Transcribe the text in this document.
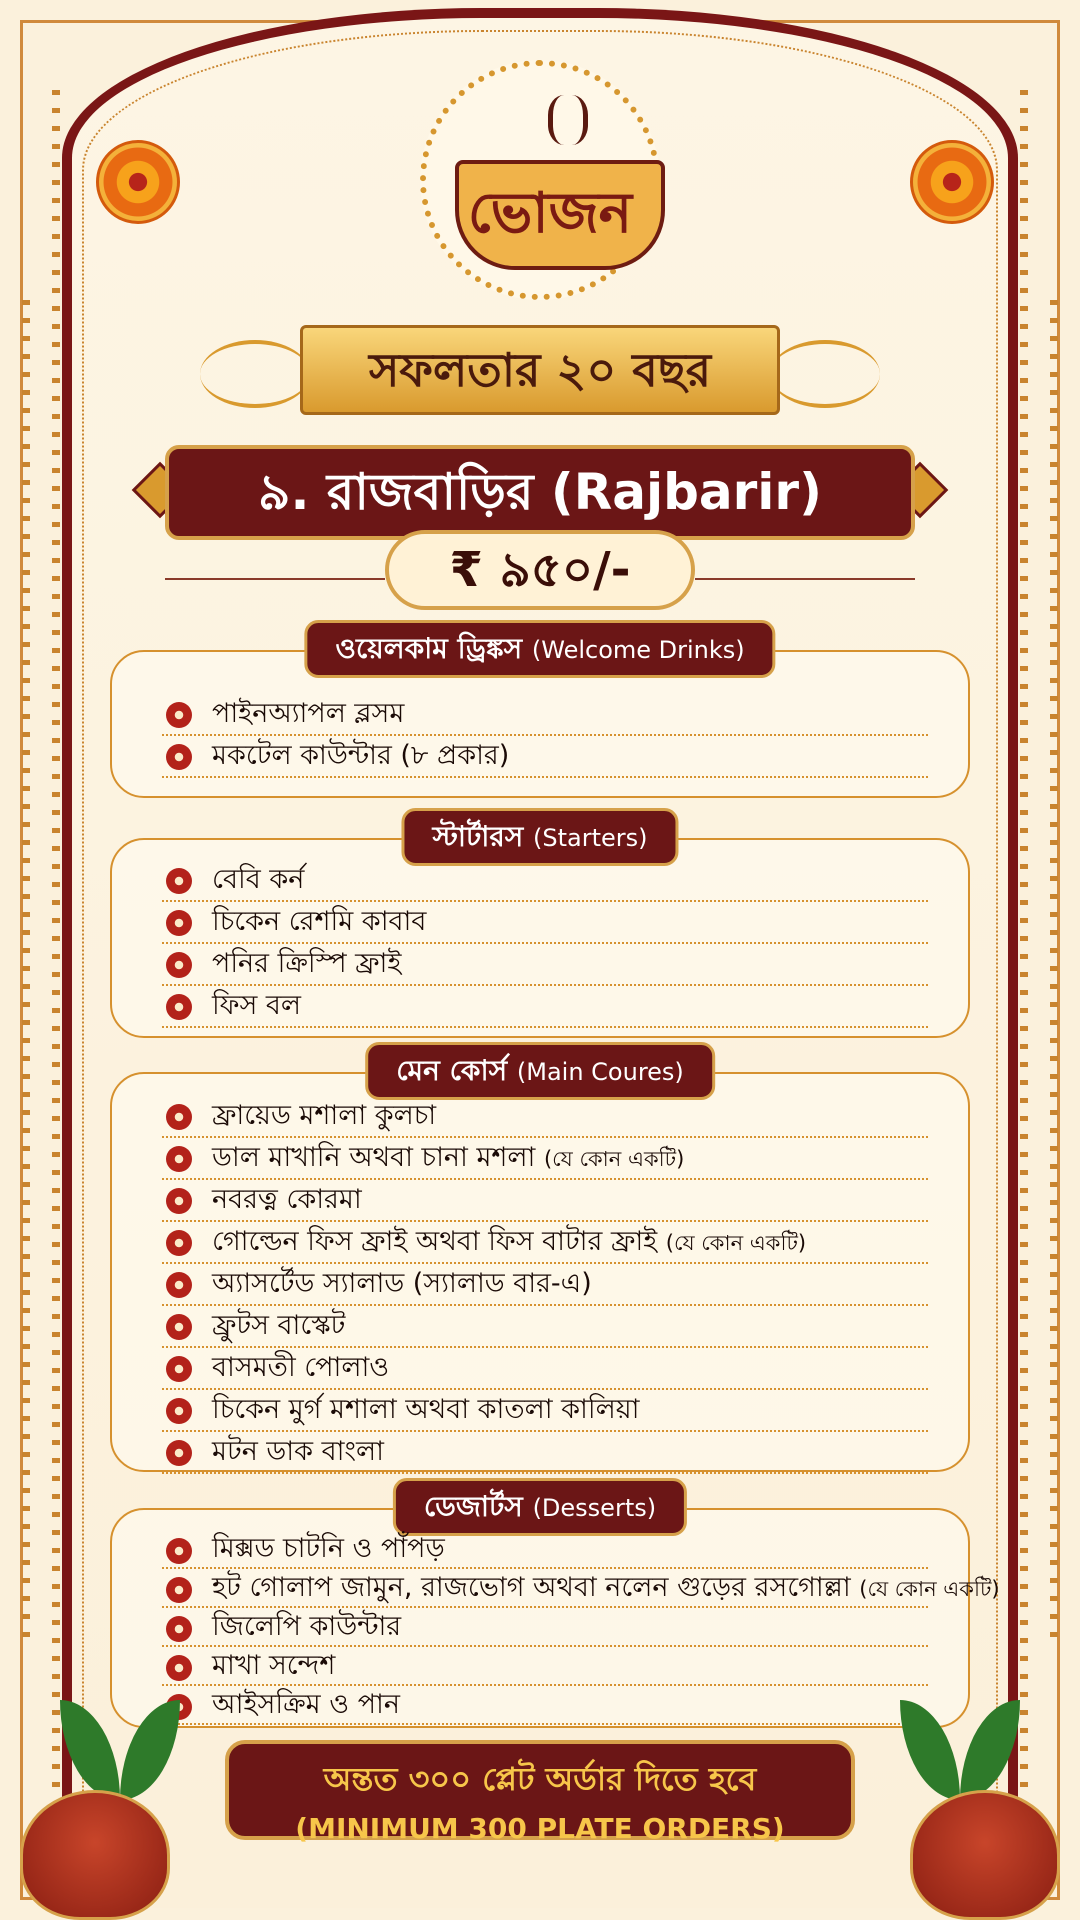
ভোজন
সফলতার ২০ বছর
৯. রাজবাড়ির (Rajbarir)
₹ ৯৫০/-
ওয়েলকাম ড্রিঙ্কস (Welcome Drinks)
পাইনঅ্যাপল ব্লসম
মকটেল কাউন্টার (৮ প্রকার)
স্টার্টারস (Starters)
বেবি কর্ন
চিকেন রেশমি কাবাব
পনির ক্রিস্পি ফ্রাই
ফিস বল
মেন কোর্স (Main Coures)
ফ্রায়েড মশালা কুলচা
ডাল মাখানি অথবা চানা মশলা (যে কোন একটি)
নবরত্ন কোরমা
গোল্ডেন ফিস ফ্রাই অথবা ফিস বাটার ফ্রাই (যে কোন একটি)
অ্যাসর্টেড স্যালাড (স্যালাড বার-এ)
ফ্রুটস বাস্কেট
বাসমতী পোলাও
চিকেন মুর্গ মশালা অথবা কাতলা কালিয়া
মটন ডাক বাংলা
ডেজার্টস (Desserts)
মিক্সড চাটনি ও পাঁপড়
হট গোলাপ জামুন, রাজভোগ অথবা নলেন গুড়ের রসগোল্লা (যে কোন একটি)
জিলেপি কাউন্টার
মাখা সন্দেশ
আইসক্রিম ও পান
অন্তত ৩০০ প্লেট অর্ডার দিতে হবে
(MINIMUM 300 PLATE ORDERS)
